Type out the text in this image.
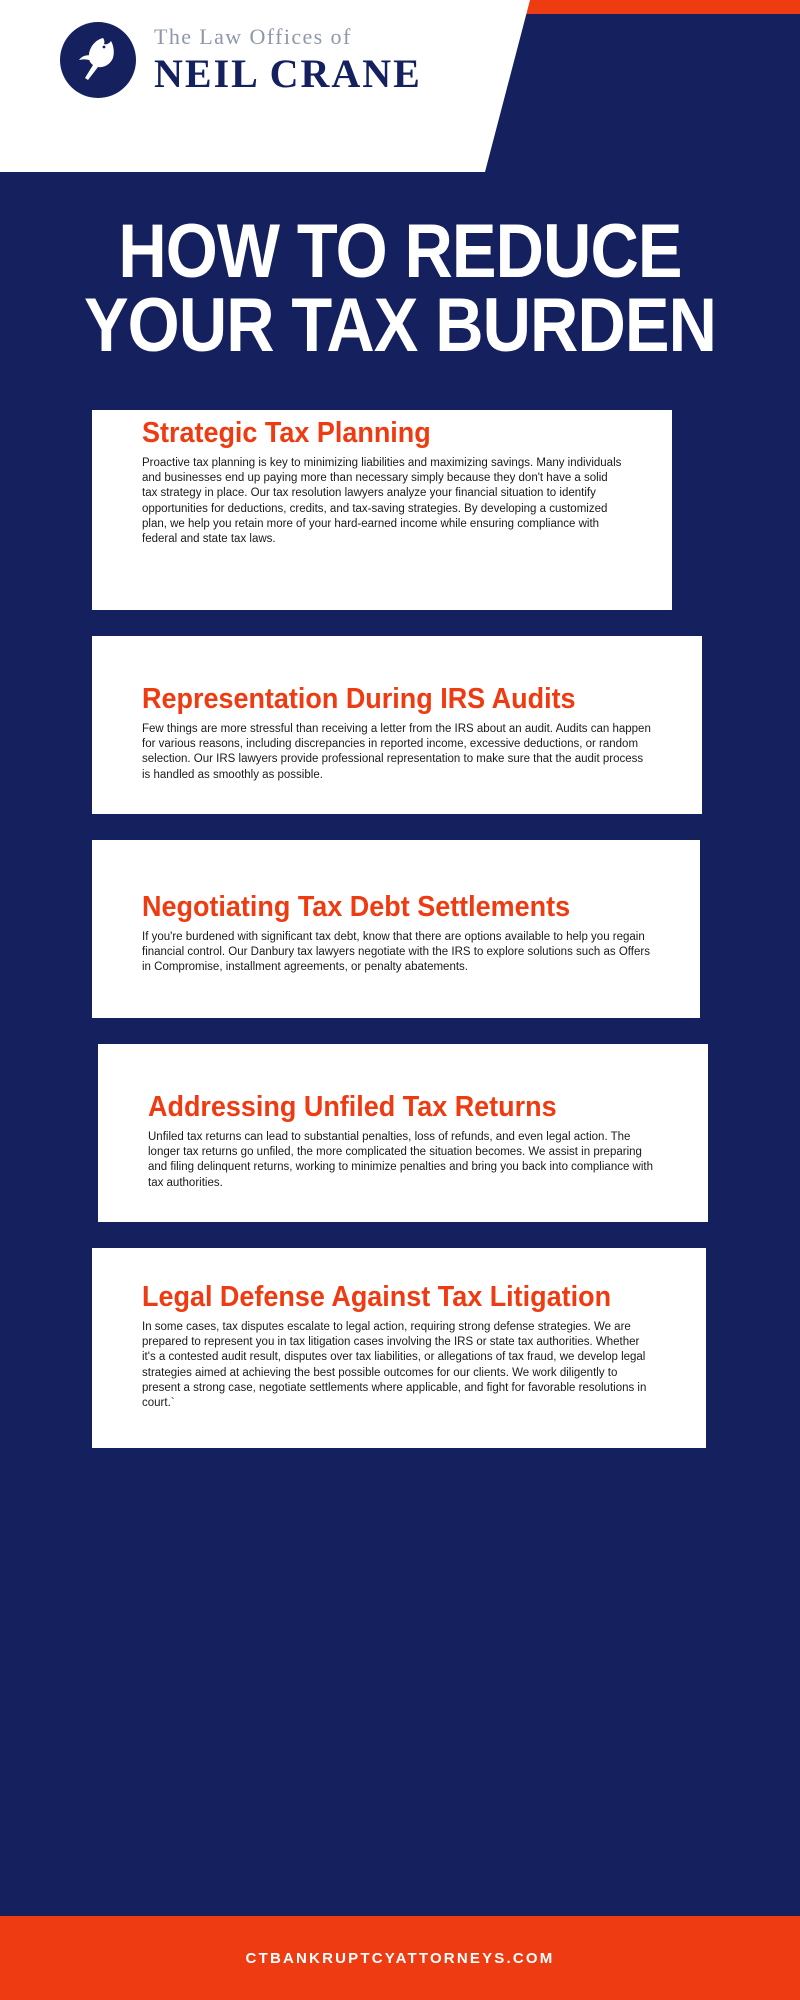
The Law Offices of
NEIL CRANE
HOW TO REDUCE
YOUR TAX BURDEN
Strategic Tax Planning

Proactive tax planning is key to minimizing liabilities and maximizing savings. Many individuals and businesses end up paying more than necessary simply because they don't have a solid tax strategy in place. Our tax resolution lawyers analyze your financial situation to identify opportunities for deductions, credits, and tax-saving strategies. By developing a customized plan, we help you retain more of your hard-earned income while ensuring compliance with federal and state tax laws.

Representation During IRS Audits

Few things are more stressful than receiving a letter from the IRS about an audit. Audits can happen for various reasons, including discrepancies in reported income, excessive deductions, or random selection. Our IRS lawyers provide professional representation to make sure that the audit process is handled as smoothly as possible.

Negotiating Tax Debt Settlements

If you're burdened with significant tax debt, know that there are options available to help you regain financial control. Our Danbury tax lawyers negotiate with the IRS to explore solutions such as Offers in Compromise, installment agreements, or penalty abatements.

Addressing Unfiled Tax Returns

Unfiled tax returns can lead to substantial penalties, loss of refunds, and even legal action. The longer tax returns go unfiled, the more complicated the situation becomes. We assist in preparing and filing delinquent returns, working to minimize penalties and bring you back into compliance with tax authorities.

Legal Defense Against Tax Litigation

In some cases, tax disputes escalate to legal action, requiring strong defense strategies. We are prepared to represent you in tax litigation cases involving the IRS or state tax authorities. Whether it's a contested audit result, disputes over tax liabilities, or allegations of tax fraud, we develop legal strategies aimed at achieving the best possible outcomes for our clients. We work diligently to present a strong case, negotiate settlements where applicable, and fight for favorable resolutions in court.`

CTBANKRUPTCYATTORNEYS.COM
